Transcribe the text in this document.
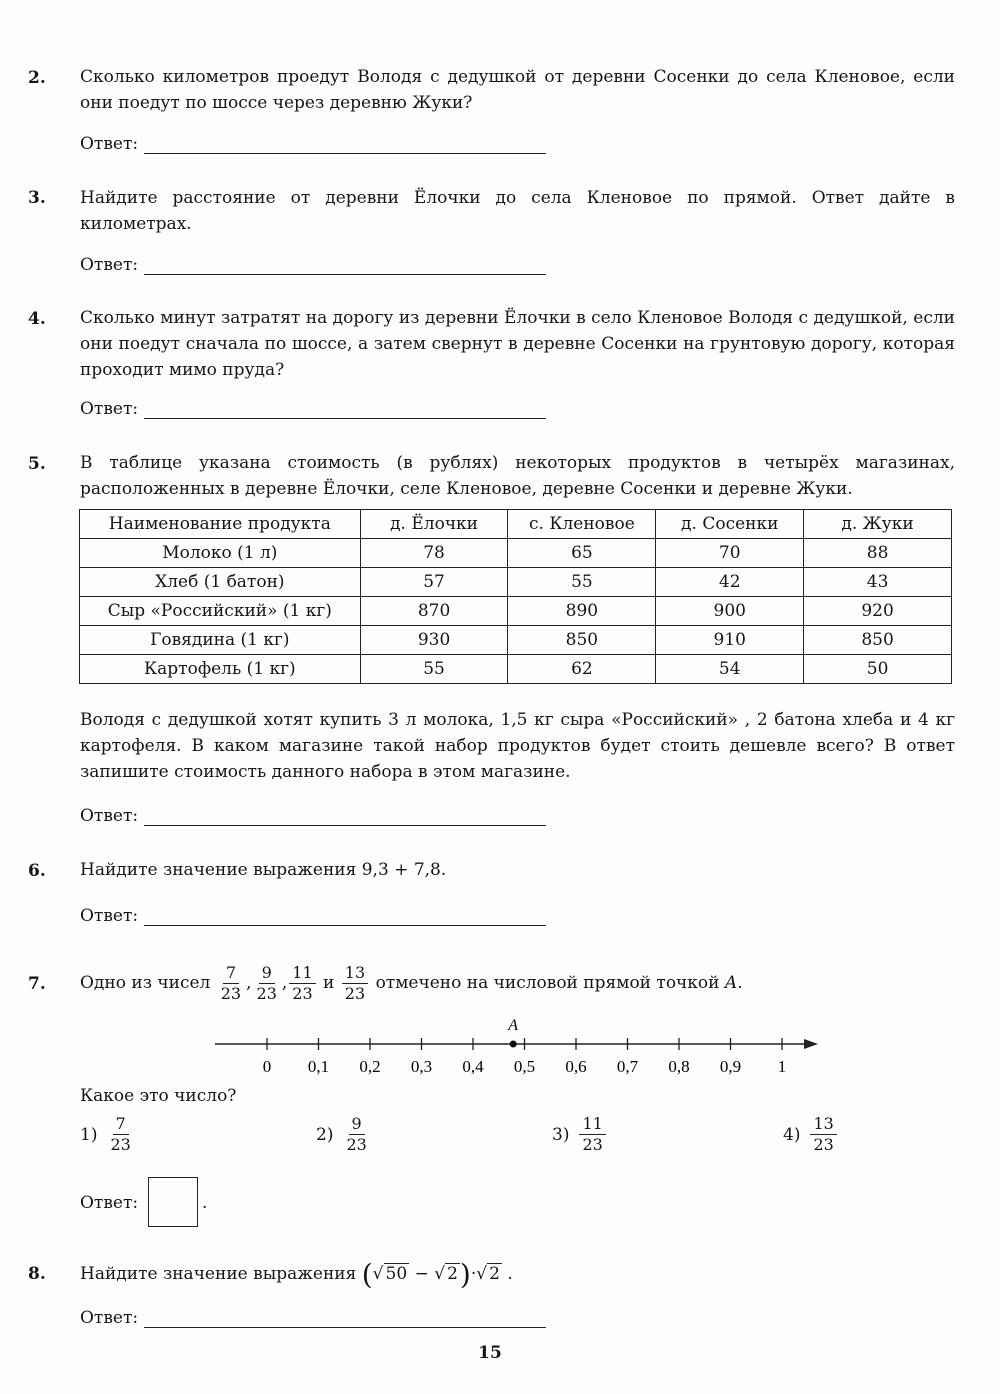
2. Сколько километров проедут Володя с дедушкой от деревни Сосенки до села Кленовое, если они поедут по шоссе через деревню Жуки?
Ответ:
3. Найдите расстояние от деревни Ёлочки до села Кленовое по прямой. Ответ дайте в километрах.
Ответ:
4. Сколько минут затратят на дорогу из деревни Ёлочки в село Кленовое Володя с дедушкой, если они поедут сначала по шоссе, а затем свернут в деревне Сосенки на грунтовую дорогу, которая проходит мимо пруда?
Ответ:
5. В таблице указана стоимость (в рублях) некоторых продуктов в четырёх магазинах, расположенных в деревне Ёлочки, селе Кленовое, деревне Сосенки и деревне Жуки.
Наименование продукта	д. Ёлочки	с. Кленовое	д. Сосенки	д. Жуки
Молоко (1 л)	78	65	70	88
Хлеб (1 батон)	57	55	42	43
Сыр «Российский» (1 кг)	870	890	900	920
Говядина (1 кг)	930	850	910	850
Картофель (1 кг)	55	62	54	50
Володя с дедушкой хотят купить 3 л молока, 1,5 кг сыра «Российский» , 2 батона хлеба и 4 кг картофеля. В каком магазине такой набор продуктов будет стоить дешевле всего? В ответ запишите стоимость данного набора в этом магазине.
Ответ:
6. Найдите значение выражения 9,3 + 7,8.
Ответ:
7. Одно из чисел
$\frac{7}{23}$ , $\frac{9}{23}$ , $\frac{11}{23}$
и
$\frac{13}{23}$
отмечено на числовой прямой точкой
A .
0 0,1 0,2 0,3 0,4 0,5 0,6 0,7 0,8 0,9 1
A
Какое это число?
$1) \frac{7}{23}$	$2) \frac{9}{23}$	$3) \frac{11}{23}$	$4) \frac{13}{23}$
Ответ:	.
8. Найдите значение выражения
(√ 50 − √ 2)·√ 2 .
Ответ:
15
